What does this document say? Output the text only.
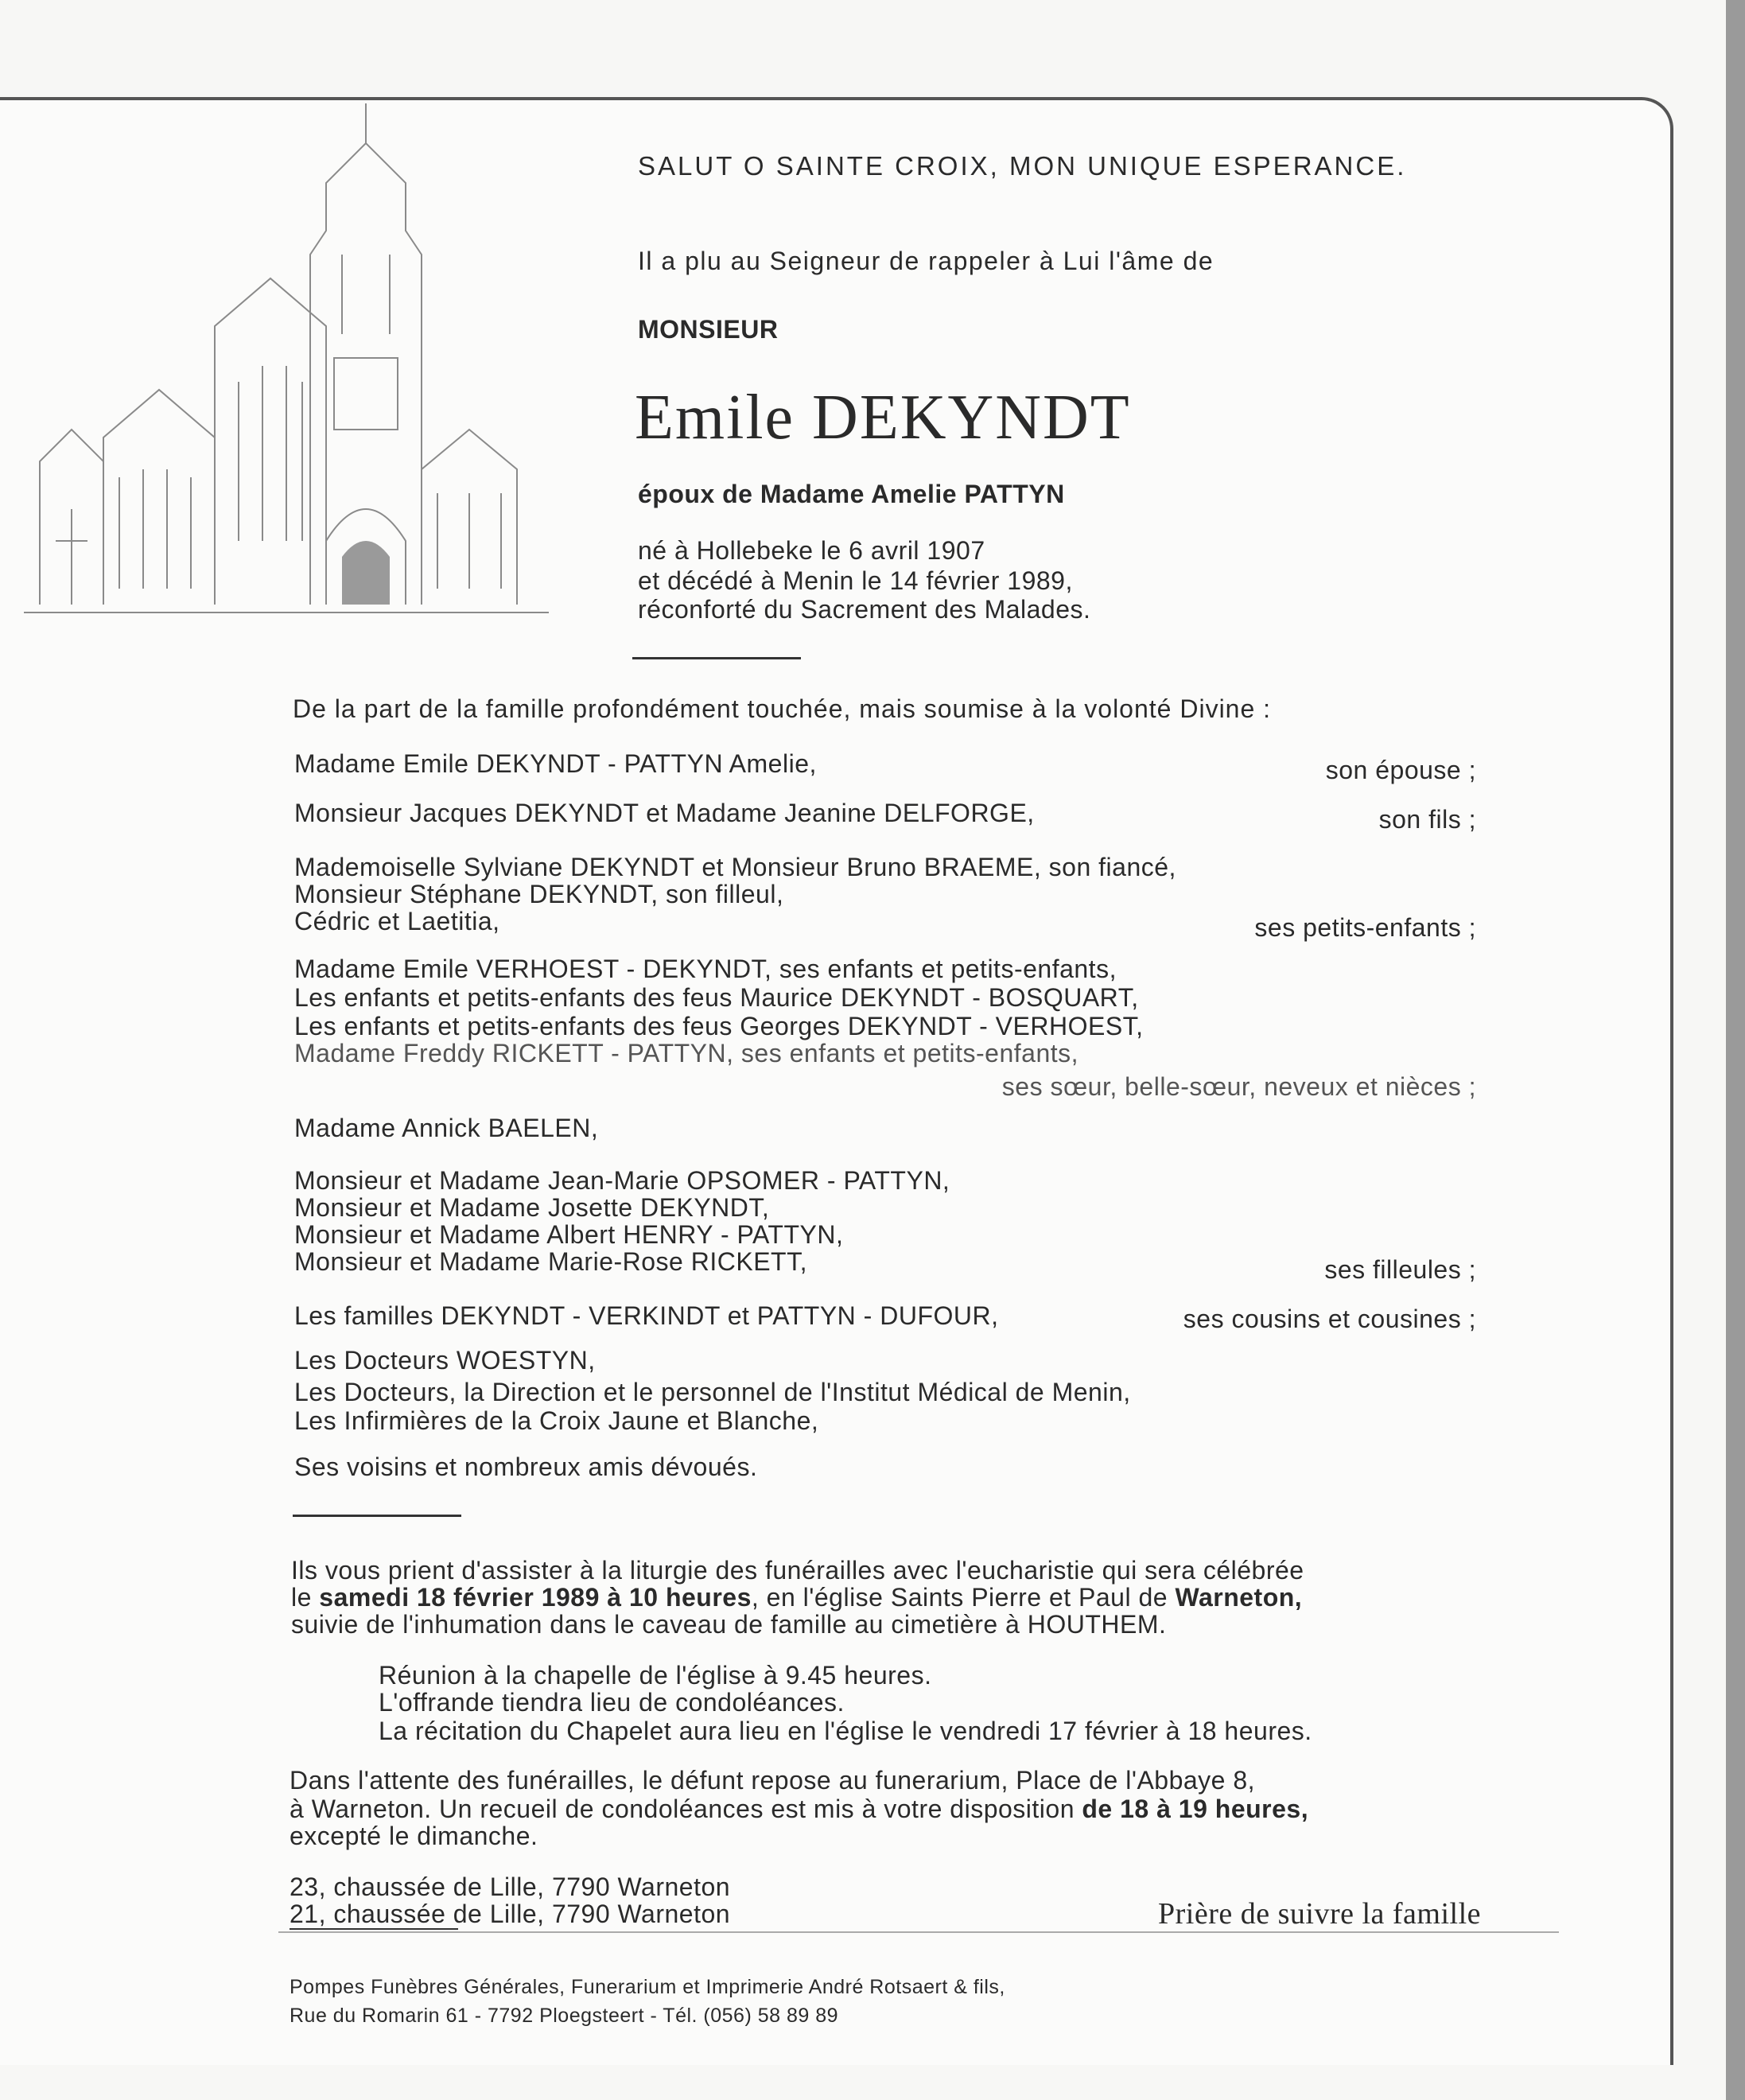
SALUT O SAINTE CROIX, MON UNIQUE ESPERANCE.
Il a plu au Seigneur de rappeler à Lui l'âme de
MONSIEUR
Emile DEKYNDT
époux de Madame Amelie PATTYN
né à Hollebeke le 6 avril 1907
et décédé à Menin le 14 février 1989,
réconforté du Sacrement des Malades.
De la part de la famille profondément touchée, mais soumise à la volonté Divine :
Madame Emile DEKYNDT - PATTYN Amelie,	son épouse ;
Monsieur Jacques DEKYNDT et Madame Jeanine DELFORGE,	son fils ;
Mademoiselle Sylviane DEKYNDT et Monsieur Bruno BRAEME, son fiancé,
Monsieur Stéphane DEKYNDT, son filleul,
Cédric et Laetitia,	ses petits-enfants ;
Madame Emile VERHOEST - DEKYNDT, ses enfants et petits-enfants,
Les enfants et petits-enfants des feus Maurice DEKYNDT - BOSQUART,
Les enfants et petits-enfants des feus Georges DEKYNDT - VERHOEST,
Madame Freddy RICKETT - PATTYN, ses enfants et petits-enfants,
ses sœur, belle-sœur, neveux et nièces ;
Madame Annick BAELEN,
Monsieur et Madame Jean-Marie OPSOMER - PATTYN,
Monsieur et Madame Josette DEKYNDT,
Monsieur et Madame Albert HENRY - PATTYN,
Monsieur et Madame Marie-Rose RICKETT,	ses filleules ;
Les familles DEKYNDT - VERKINDT et PATTYN - DUFOUR,	ses cousins et cousines ;
Les Docteurs WOESTYN,
Les Docteurs, la Direction et le personnel de l'Institut Médical de Menin,
Les Infirmières de la Croix Jaune et Blanche,
Ses voisins et nombreux amis dévoués.
Ils vous prient d'assister à la liturgie des funérailles avec l'eucharistie qui sera célébrée
le samedi 18 février 1989 à 10 heures, en l'église Saints Pierre et Paul de Warneton,
suivie de l'inhumation dans le caveau de famille au cimetière à HOUTHEM.
Réunion à la chapelle de l'église à 9.45 heures.
L'offrande tiendra lieu de condoléances.
La récitation du Chapelet aura lieu en l'église le vendredi 17 février à 18 heures.
Dans l'attente des funérailles, le défunt repose au funerarium, Place de l'Abbaye 8,
à Warneton. Un recueil de condoléances est mis à votre disposition de 18 à 19 heures,
excepté le dimanche.
23, chaussée de Lille, 7790 Warneton
21, chaussée de Lille, 7790 Warneton	Prière de suivre la famille
Pompes Funèbres Générales, Funerarium et Imprimerie André Rotsaert & fils,
Rue du Romarin 61 - 7792 Ploegsteert - Tél. (056) 58 89 89
